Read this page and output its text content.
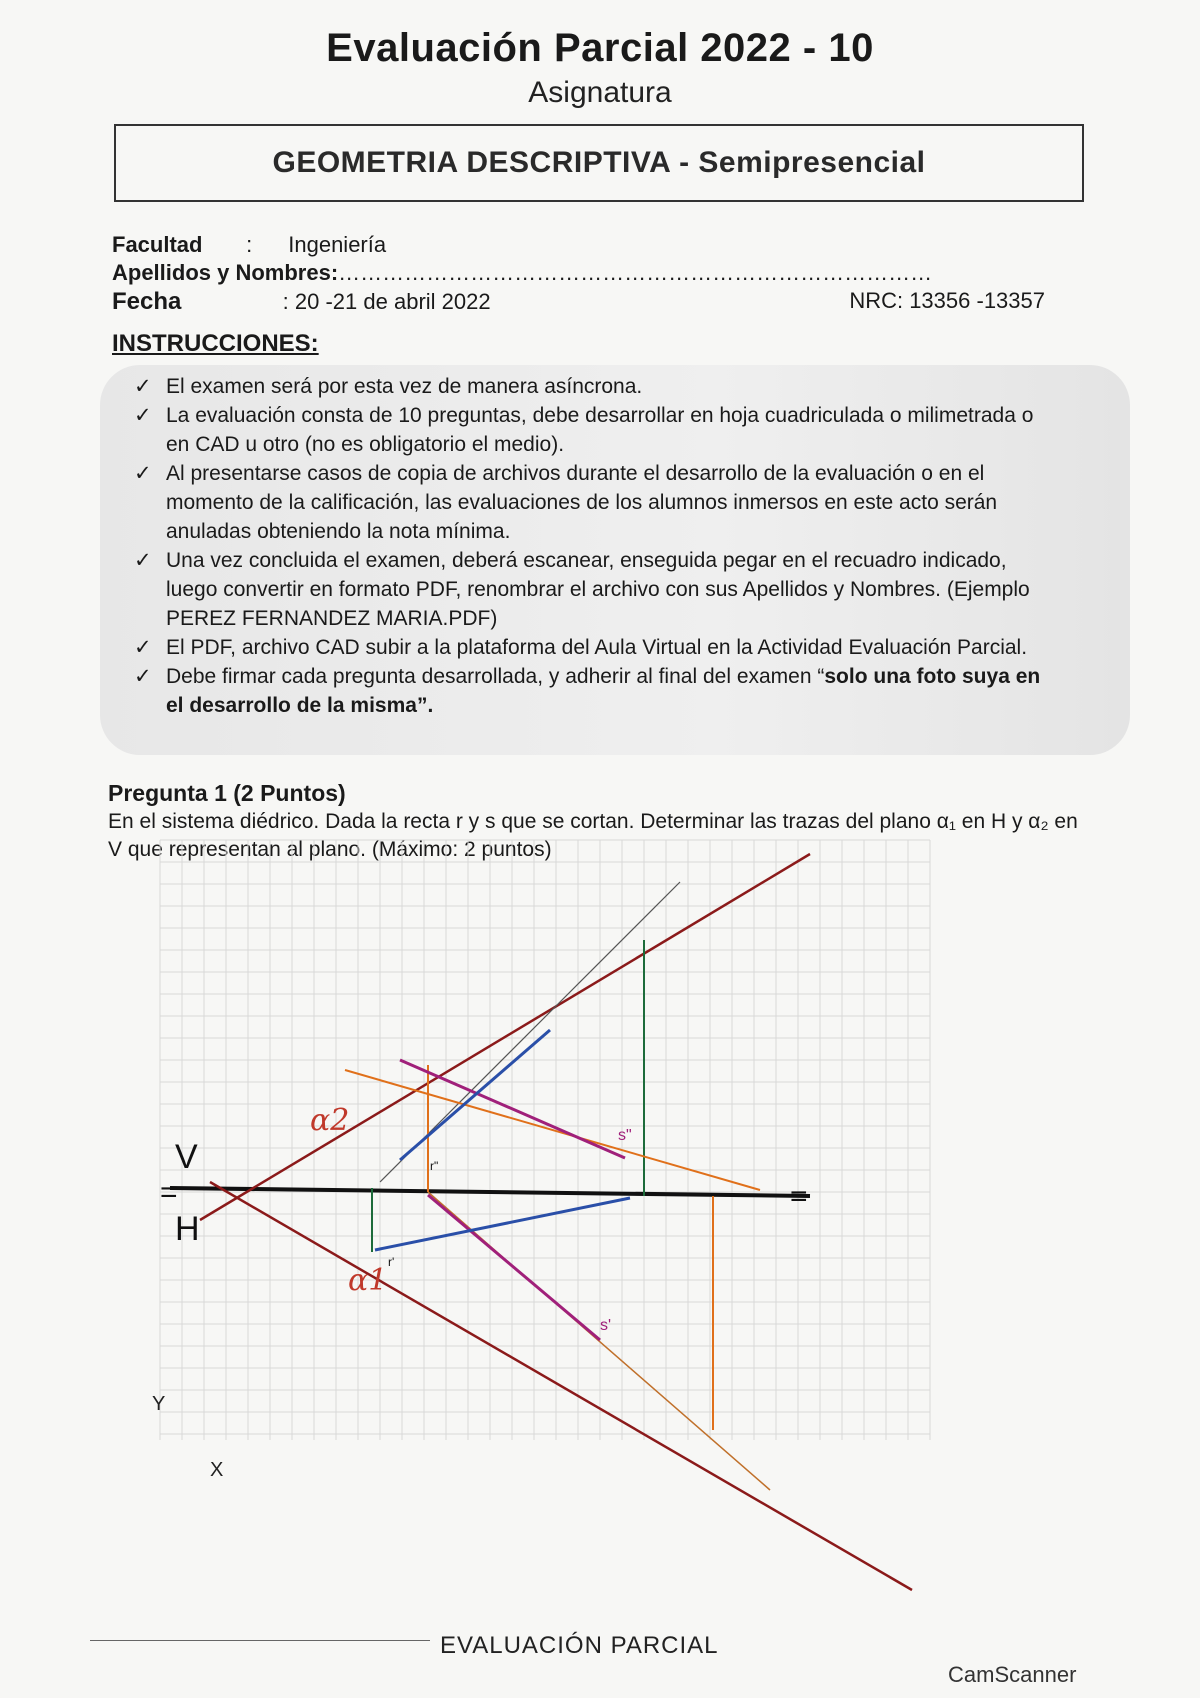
Evaluación Parcial 2022 - 10
Asignatura
GEOMETRIA DESCRIPTIVA - Semipresencial
Facultad : Ingeniería
Apellidos y Nombres:………………………………………………………………………
Fecha	: 20 -21 de abril 2022	NRC: 13356 -13357
INSTRUCCIONES:
✓ El examen será por esta vez de manera asíncrona.
✓ La evaluación consta de 10 preguntas, debe desarrollar en hoja cuadriculada o milimetrada o en CAD u otro (no es obligatorio el medio).
✓ Al presentarse casos de copia de archivos durante el desarrollo de la evaluación o en el momento de la calificación, las evaluaciones de los alumnos inmersos en este acto serán anuladas obteniendo la nota mínima.
✓ Una vez concluida el examen, deberá escanear, enseguida pegar en el recuadro indicado, luego convertir en formato PDF, renombrar el archivo con sus Apellidos y Nombres. (Ejemplo PEREZ FERNANDEZ MARIA.PDF)
✓ El PDF, archivo CAD subir a la plataforma del Aula Virtual en la Actividad Evaluación Parcial.
✓ Debe firmar cada pregunta desarrollada, y adherir al final del examen “solo una foto suya en el desarrollo de la misma”.
Pregunta 1 (2 Puntos)
En el sistema diédrico. Dada la recta r y s que se cortan. Determinar las trazas del plano α₁ en H y α₂ en V que representan al plano. (Máximo: 2 puntos)
V
H
=	=
α2
α1
s"
s'
r"
r'
Y
X
EVALUACIÓN PARCIAL
CamScanner
